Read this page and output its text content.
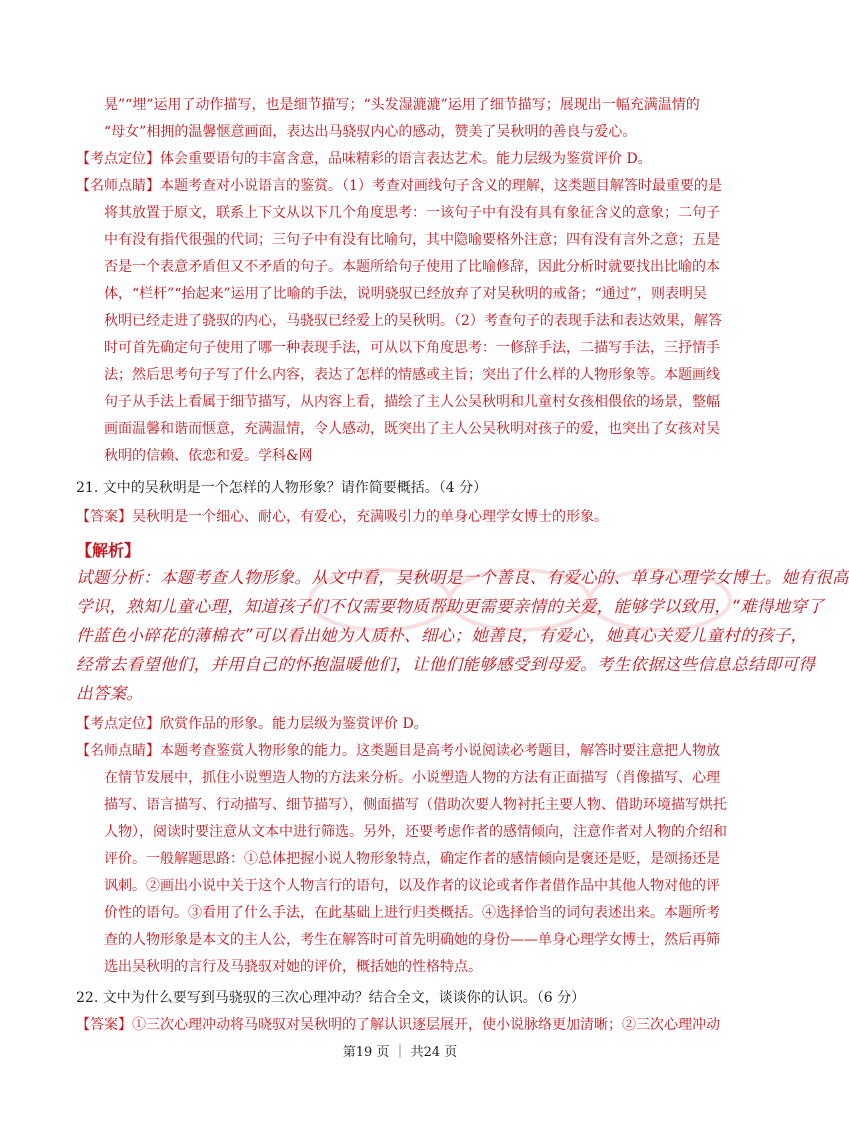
晃”“埋”运用了动作描写，也是细节描写；“头发湿漉漉”运用了细节描写；展现出一幅充满温情的
“母女”相拥的温馨惬意画面，表达出马骁驭内心的感动，赞美了吴秋明的善良与爱心。
【考点定位】体会重要语句的丰富含意，品味精彩的语言表达艺术。能力层级为鉴赏评价 D。
【名师点睛】本题考查对小说语言的鉴赏。（1）考查对画线句子含义的理解，这类题目解答时最重要的是
将其放置于原文，联系上下文从以下几个角度思考：一该句子中有没有具有象征含义的意象；二句子
中有没有指代很强的代词；三句子中有没有比喻句，其中隐喻要格外注意；四有没有言外之意；五是
否是一个表意矛盾但又不矛盾的句子。本题所给句子使用了比喻修辞，因此分析时就要找出比喻的本
体，“栏杆”“抬起来”运用了比喻的手法，说明骁驭已经放弃了对吴秋明的戒备；“通过”，则表明吴
秋明已经走进了骁驭的内心，马骁驭已经爱上的吴秋明。（2）考查句子的表现手法和表达效果，解答
时可首先确定句子使用了哪一种表现手法，可从以下角度思考：一修辞手法，二描写手法，三抒情手
法；然后思考句子写了什么内容，表达了怎样的情感或主旨；突出了什么样的人物形象等。本题画线
句子从手法上看属于细节描写，从内容上看，描绘了主人公吴秋明和儿童村女孩相偎依的场景，整幅
画面温馨和谐而惬意，充满温情，令人感动，既突出了主人公吴秋明对孩子的爱，也突出了女孩对吴
秋明的信赖、依恋和爱。学科&网
21. 文中的吴秋明是一个怎样的人物形象？请作简要概括。（4 分）
【答案】吴秋明是一个细心、耐心，有爱心，充满吸引力的单身心理学女博士的形象。
【解析】
试题分析：本题考查人物形象。从文中看，吴秋明是一个善良、有爱心的、单身心理学女博士。她有很高
学识，熟知儿童心理，知道孩子们不仅需要物质帮助更需要亲情的关爱，能够学以致用，“难得地穿了
件蓝色小碎花的薄棉衣”可以看出她为人质朴、细心；她善良，有爱心，她真心关爱儿童村的孩子，
经常去看望他们，并用自己的怀抱温暖他们，让他们能够感受到母爱。考生依据这些信息总结即可得
出答案。
【考点定位】欣赏作品的形象。能力层级为鉴赏评价 D。
【名师点睛】本题考查鉴赏人物形象的能力。这类题目是高考小说阅读必考题目，解答时要注意把人物放
在情节发展中，抓住小说塑造人物的方法来分析。小说塑造人物的方法有正面描写（肖像描写、心理
描写、语言描写、行动描写、细节描写），侧面描写（借助次要人物衬托主要人物、借助环境描写烘托
人物），阅读时要注意从文本中进行筛选。另外，还要考虑作者的感情倾向，注意作者对人物的介绍和
评价。一般解题思路：①总体把握小说人物形象特点，确定作者的感情倾向是褒还是贬，是颂扬还是
讽刺。②画出小说中关于这个人物言行的语句，以及作者的议论或者作者借作品中其他人物对他的评
价性的语句。③看用了什么手法，在此基础上进行归类概括。④选择恰当的词句表述出来。本题所考
查的人物形象是本文的主人公，考生在解答时可首先明确她的身份——单身心理学女博士，然后再筛
选出吴秋明的言行及马骁驭对她的评价，概括她的性格特点。
22. 文中为什么要写到马骁驭的三次心理冲动？结合全文，谈谈你的认识。（6 分）
【答案】①三次心理冲动将马晓驭对吴秋明的了解认识逐层展开，使小说脉络更加清晰；②三次心理冲动
第19 页 ｜ 共24 页
